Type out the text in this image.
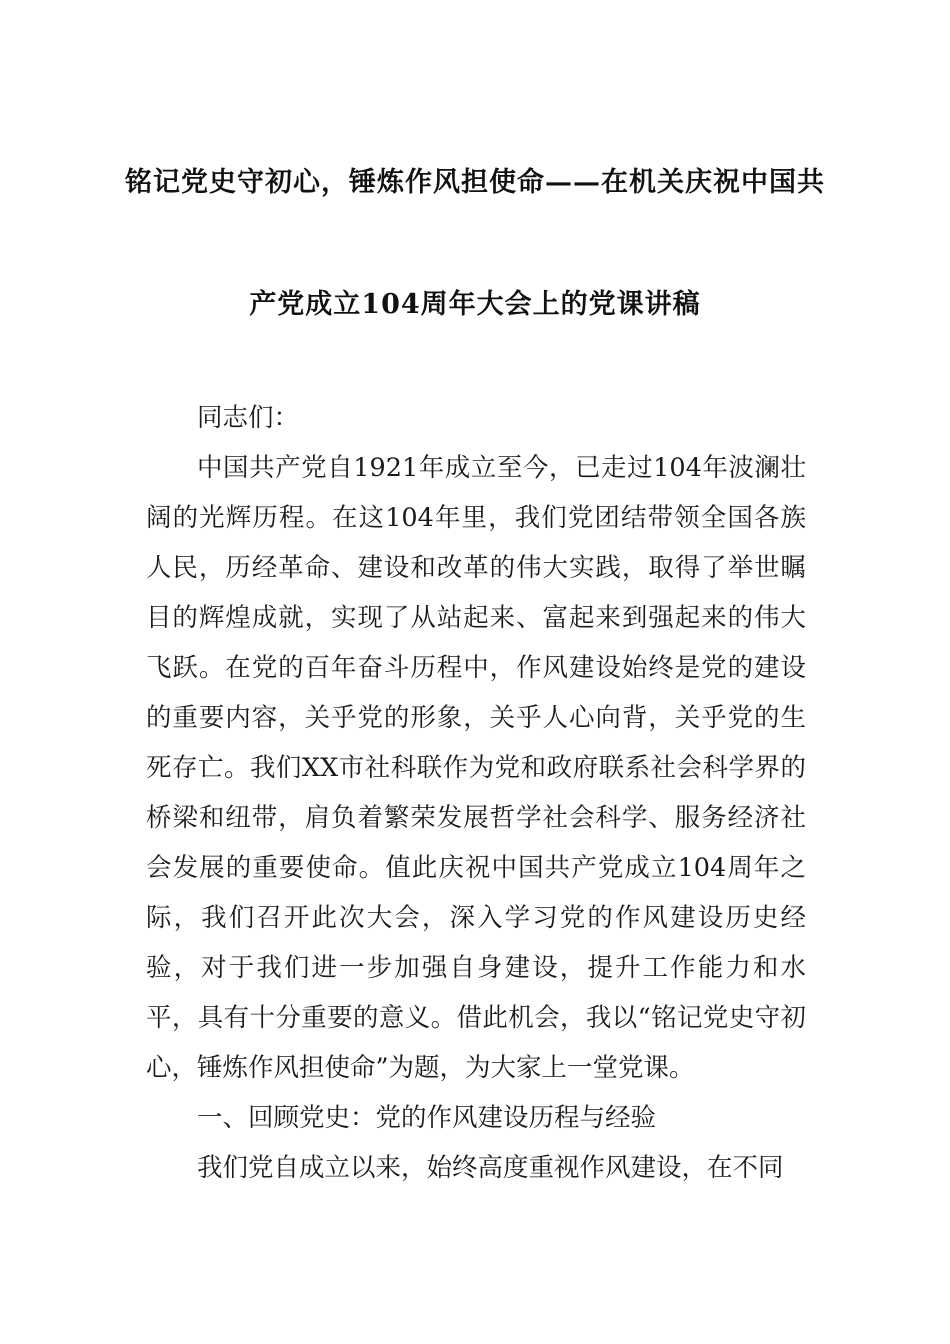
铭记党史守初心，锤炼作风担使命——在机关庆祝中国共
产党成立104周年大会上的党课讲稿

同志们：

中国共产党自1921年成立至今，已走过104年波澜壮阔的光辉历程。在这104年里，我们党团结带领全国各族人民，历经革命、建设和改革的伟大实践，取得了举世瞩目的辉煌成就，实现了从站起来、富起来到强起来的伟大飞跃。在党的百年奋斗历程中，作风建设始终是党的建设的重要内容，关乎党的形象，关乎人心向背，关乎党的生死存亡。我们XX市社科联作为党和政府联系社会科学界的桥梁和纽带，肩负着繁荣发展哲学社会科学、服务经济社会发展的重要使命。值此庆祝中国共产党成立104周年之际，我们召开此次大会，深入学习党的作风建设历史经验，对于我们进一步加强自身建设，提升工作能力和水平，具有十分重要的意义。借此机会，我以“铭记党史守初心，锤炼作风担使命”为题，为大家上一堂党课。

一、回顾党史：党的作风建设历程与经验

我们党自成立以来，始终高度重视作风建设，在不同
